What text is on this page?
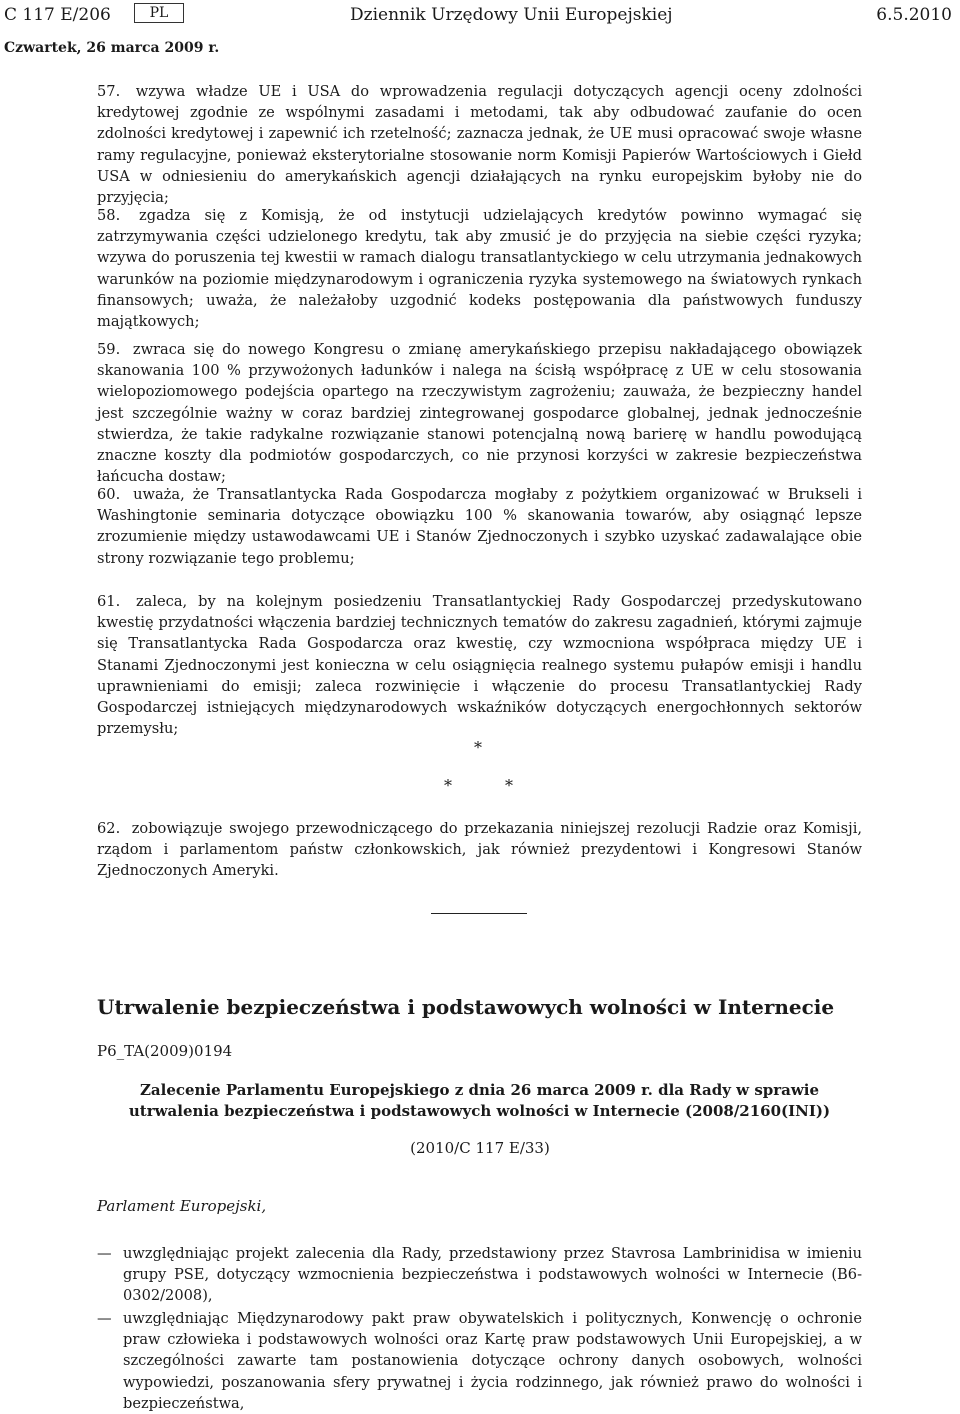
C 117 E/206	PL	Dziennik Urzędowy Unii Europejskiej	6.5.2010
Czwartek, 26 marca 2009 r.
57. wzywa władze UE i USA do wprowadzenia regulacji dotyczących agencji oceny zdolności kredytowej zgodnie ze wspólnymi zasadami i metodami, tak aby odbudować zaufanie do ocen zdolności kredytowej i zapewnić ich rzetelność; zaznacza jednak, że UE musi opracować swoje własne ramy regulacyjne, ponieważ eksterytorialne stosowanie norm Komisji Papierów Wartościowych i Giełd USA w odniesieniu do amerykańskich agencji działających na rynku europejskim byłoby nie do przyjęcia;
58. zgadza się z Komisją, że od instytucji udzielających kredytów powinno wymagać się zatrzymywania części udzielonego kredytu, tak aby zmusić je do przyjęcia na siebie części ryzyka; wzywa do poruszenia tej kwestii w ramach dialogu transatlantyckiego w celu utrzymania jednakowych warunków na poziomie międzynarodowym i ograniczenia ryzyka systemowego na światowych rynkach finansowych; uważa, że należałoby uzgodnić kodeks postępowania dla państwowych funduszy majątkowych;
59. zwraca się do nowego Kongresu o zmianę amerykańskiego przepisu nakładającego obowiązek skanowania 100 % przywożonych ładunków i nalega na ścisłą współpracę z UE w celu stosowania wielopoziomowego podejścia opartego na rzeczywistym zagrożeniu; zauważa, że bezpieczny handel jest szczególnie ważny w coraz bardziej zintegrowanej gospodarce globalnej, jednak jednocześnie stwierdza, że takie radykalne rozwiązanie stanowi potencjalną nową barierę w handlu powodującą znaczne koszty dla podmiotów gospodarczych, co nie przynosi korzyści w zakresie bezpieczeństwa łańcucha dostaw;
60. uważa, że Transatlantycka Rada Gospodarcza mogłaby z pożytkiem organizować w Brukseli i Washingtonie seminaria dotyczące obowiązku 100 % skanowania towarów, aby osiągnąć lepsze zrozumienie między ustawodawcami UE i Stanów Zjednoczonych i szybko uzyskać zadawalające obie strony rozwiązanie tego problemu;
61. zaleca, by na kolejnym posiedzeniu Transatlantyckiej Rady Gospodarczej przedyskutowano kwestię przydatności włączenia bardziej technicznych tematów do zakresu zagadnień, którymi zajmuje się Transatlantycka Rada Gospodarcza oraz kwestię, czy wzmocniona współpraca między UE i Stanami Zjednoczonymi jest konieczna w celu osiągnięcia realnego systemu pułapów emisji i handlu uprawnieniami do emisji; zaleca rozwinięcie i włączenie do procesu Transatlantyckiej Rady Gospodarczej istniejących międzynarodowych wskaźników dotyczących energochłonnych sektorów przemysłu;
*
*	*
62. zobowiązuje swojego przewodniczącego do przekazania niniejszej rezolucji Radzie oraz Komisji, rządom i parlamentom państw członkowskich, jak również prezydentowi i Kongresowi Stanów Zjednoczonych Ameryki.
Utrwalenie bezpieczeństwa i podstawowych wolności w Internecie
P6_TA(2009)0194
Zalecenie Parlamentu Europejskiego z dnia 26 marca 2009 r. dla Rady w sprawie utrwalenia bezpieczeństwa i podstawowych wolności w Internecie (2008/2160(INI))
(2010/C 117 E/33)
Parlament Europejski,
— uwzględniając projekt zalecenia dla Rady, przedstawiony przez Stavrosa Lambrinidisa w imieniu grupy PSE, dotyczący wzmocnienia bezpieczeństwa i podstawowych wolności w Internecie (B6-0302/2008),
— uwzględniając Międzynarodowy pakt praw obywatelskich i politycznych, Konwencję o ochronie praw człowieka i podstawowych wolności oraz Kartę praw podstawowych Unii Europejskiej, a w szczególności zawarte tam postanowienia dotyczące ochrony danych osobowych, wolności wypowiedzi, poszanowania sfery prywatnej i życia rodzinnego, jak również prawo do wolności i bezpieczeństwa,
